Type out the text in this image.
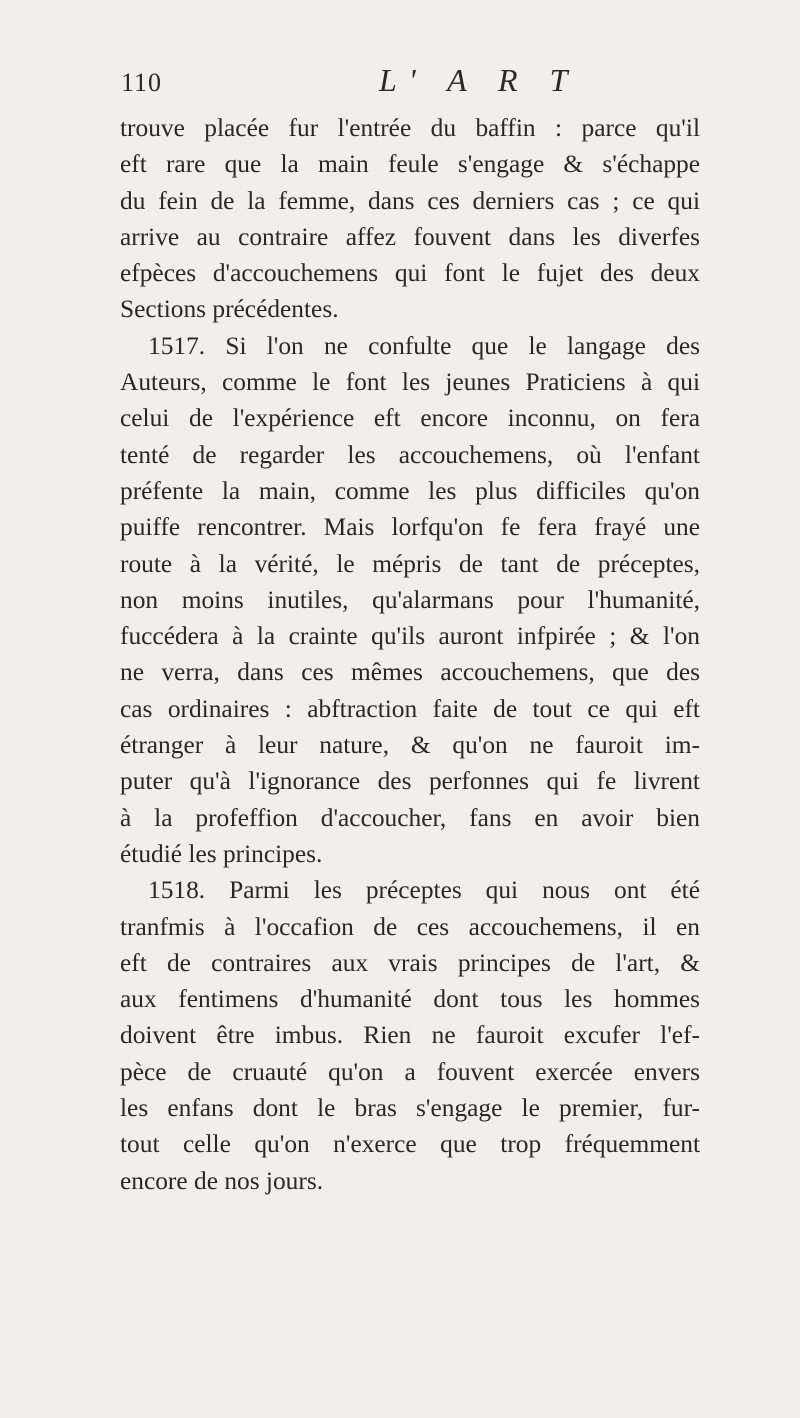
110	L' A R T
trouve placée fur l'entrée du baffin : parce qu'il
eft rare que la main feule s'engage & s'échappe
du fein de la femme, dans ces derniers cas ; ce qui
arrive au contraire affez fouvent dans les diverfes
efpèces d'accouchemens qui font le fujet des deux
Sections précédentes.
1517. Si l'on ne confulte que le langage des
Auteurs, comme le font les jeunes Praticiens à qui
celui de l'expérience eft encore inconnu, on fera
tenté de regarder les accouchemens, où l'enfant
préfente la main, comme les plus difficiles qu'on
puiffe rencontrer. Mais lorfqu'on fe fera frayé une
route à la vérité, le mépris de tant de préceptes,
non moins inutiles, qu'alarmans pour l'humanité,
fuccédera à la crainte qu'ils auront infpirée ; & l'on
ne verra, dans ces mêmes accouchemens, que des
cas ordinaires : abftraction faite de tout ce qui eft
étranger à leur nature, & qu'on ne fauroit im-
puter qu'à l'ignorance des perfonnes qui fe livrent
à la profeffion d'accoucher, fans en avoir bien
étudié les principes.
1518. Parmi les préceptes qui nous ont été
tranfmis à l'occafion de ces accouchemens, il en
eft de contraires aux vrais principes de l'art, &
aux fentimens d'humanité dont tous les hommes
doivent être imbus. Rien ne fauroit excufer l'ef-
pèce de cruauté qu'on a fouvent exercée envers
les enfans dont le bras s'engage le premier, fur-
tout celle qu'on n'exerce que trop fréquemment
encore de nos jours.
